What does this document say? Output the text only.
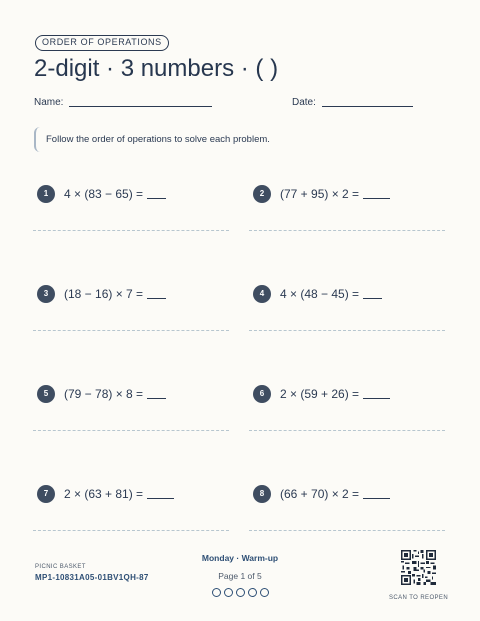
ORDER OF OPERATIONS
2-digit · 3 numbers · ( )
Name:	Date:
Follow the order of operations to solve each problem.
1	4 × (83 − 65) =	2	(77 + 95) × 2 =
3	(18 − 16) × 7 =	4	4 × (48 − 45) =
5	(79 − 78) × 8 =	6	2 × (59 + 26) =
7	2 × (63 + 81) =	8	(66 + 70) × 2 =
PICNIC BASKET
MP1-10831A05-01BV1QH-87
Monday · Warm-up
Page 1 of 5
SCAN TO REOPEN
